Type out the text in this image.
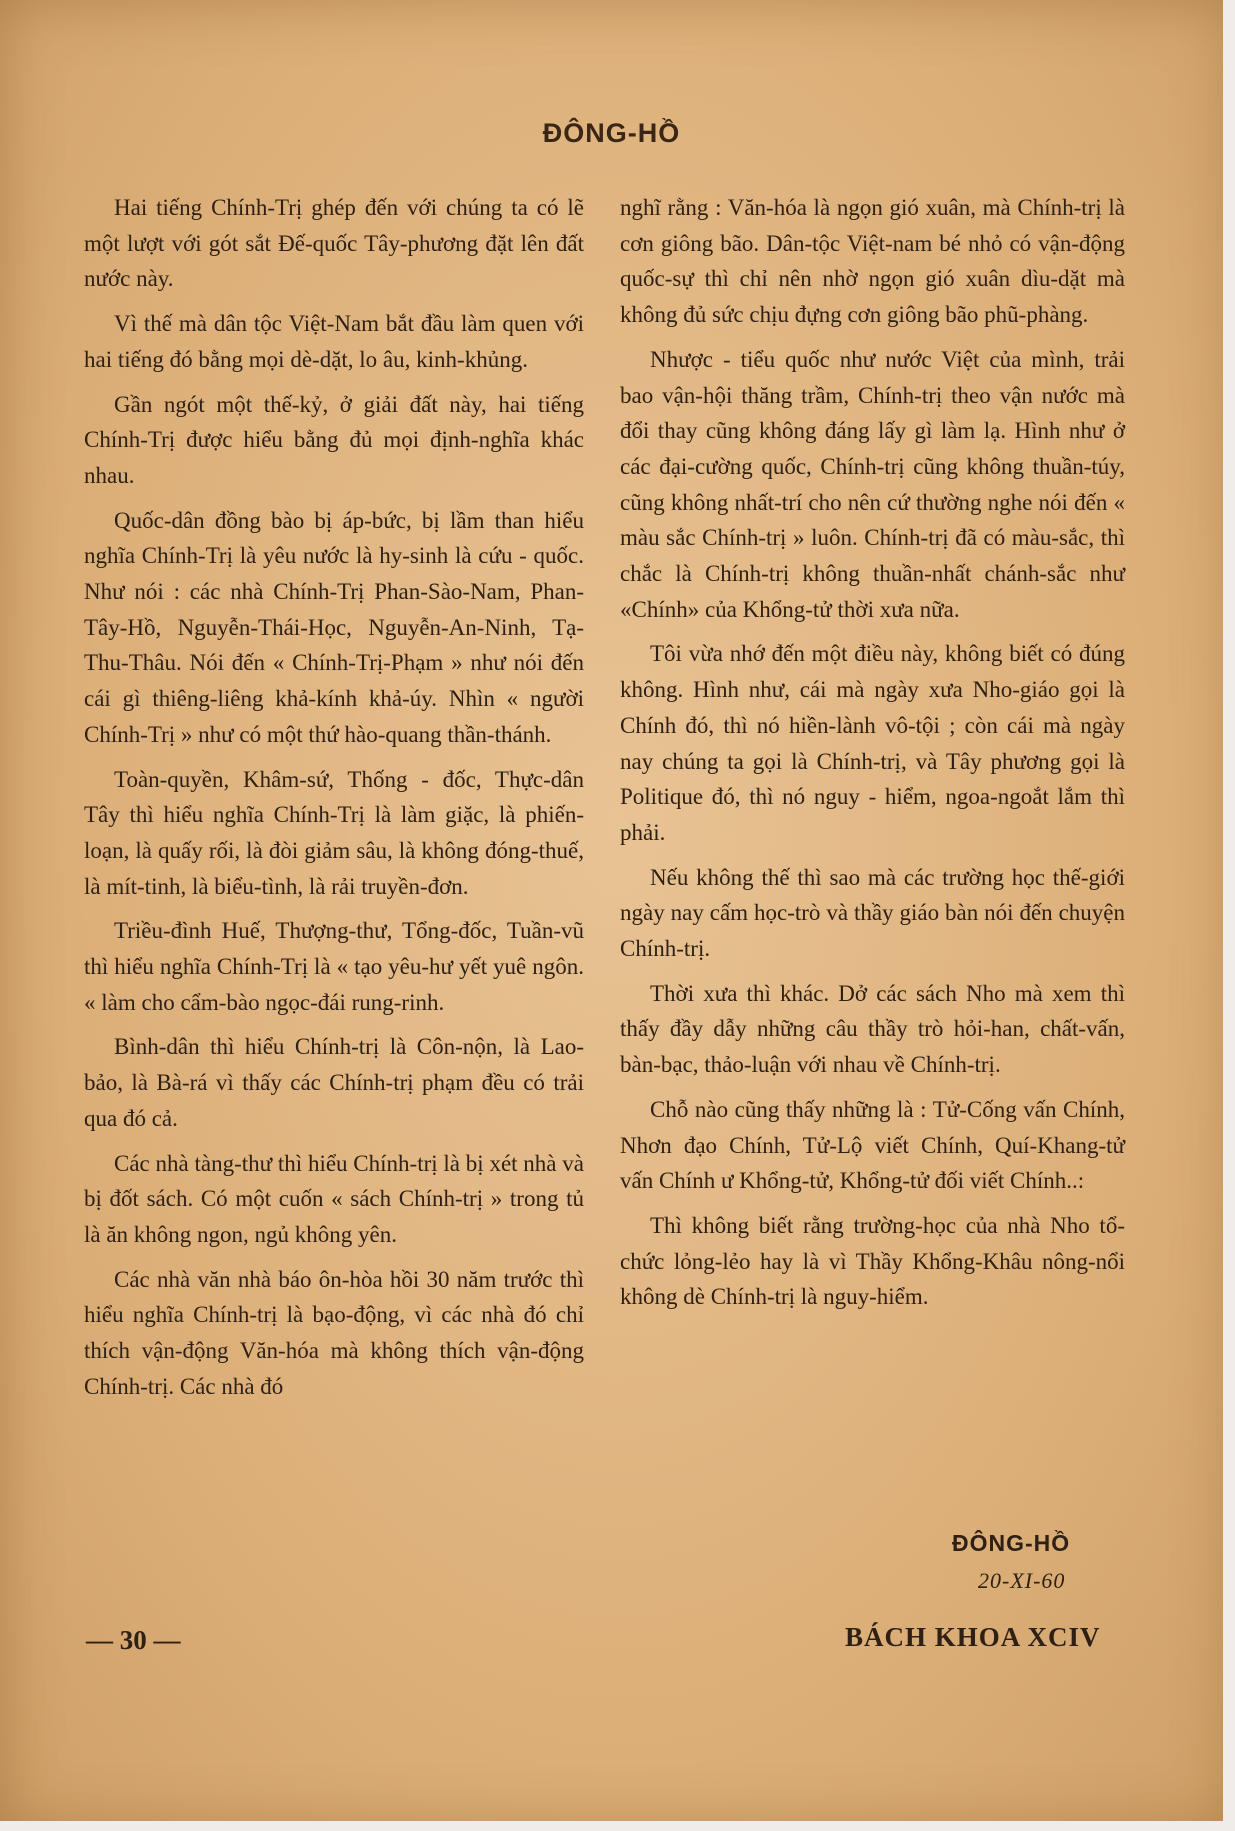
ĐÔNG-HỒ

Hai tiếng Chính-Trị ghép đến với chúng ta có lẽ một lượt với gót sắt Đế-quốc Tây-phương đặt lên đất nước này.

Vì thế mà dân tộc Việt-Nam bắt đầu làm quen với hai tiếng đó bằng mọi dè-dặt, lo âu, kinh-khủng.

Gần ngót một thế-kỷ, ở giải đất này, hai tiếng Chính-Trị được hiểu bằng đủ mọi định-nghĩa khác nhau.

Quốc-dân đồng bào bị áp-bức, bị lầm than hiểu nghĩa Chính-Trị là yêu nước là hy-sinh là cứu - quốc. Như nói : các nhà Chính-Trị Phan-Sào-Nam, Phan-Tây-Hồ, Nguyễn-Thái-Học, Nguyễn-An-Ninh, Tạ-Thu-Thâu. Nói đến « Chính-Trị-Phạm » như nói đến cái gì thiêng-liêng khả-kính khả-úy. Nhìn « người Chính-Trị » như có một thứ hào-quang thần-thánh.

Toàn-quyền, Khâm-sứ, Thống - đốc, Thực-dân Tây thì hiểu nghĩa Chính-Trị là làm giặc, là phiến-loạn, là quấy rối, là đòi giảm sâu, là không đóng-thuế, là mít-tinh, là biểu-tình, là rải truyền-đơn.

Triều-đình Huế, Thượng-thư, Tổng-đốc, Tuần-vũ thì hiểu nghĩa Chính-Trị là « tạo yêu-hư yết yuê ngôn. « làm cho cẩm-bào ngọc-đái rung-rinh.

Bình-dân thì hiểu Chính-trị là Côn-nộn, là Lao-bảo, là Bà-rá vì thấy các Chính-trị phạm đều có trải qua đó cả.

Các nhà tàng-thư thì hiểu Chính-trị là bị xét nhà và bị đốt sách. Có một cuốn « sách Chính-trị » trong tủ là ăn không ngon, ngủ không yên.

Các nhà văn nhà báo ôn-hòa hồi 30 năm trước thì hiểu nghĩa Chính-trị là bạo-động, vì các nhà đó chỉ thích vận-động Văn-hóa mà không thích vận-động Chính-trị. Các nhà đó

nghĩ rằng : Văn-hóa là ngọn gió xuân, mà Chính-trị là cơn giông bão. Dân-tộc Việt-nam bé nhỏ có vận-động quốc-sự thì chỉ nên nhờ ngọn gió xuân dìu-dặt mà không đủ sức chịu đựng cơn giông bão phũ-phàng.

Nhược - tiểu quốc như nước Việt của mình, trải bao vận-hội thăng trầm, Chính-trị theo vận nước mà đổi thay cũng không đáng lấy gì làm lạ. Hình như ở các đại-cường quốc, Chính-trị cũng không thuần-túy, cũng không nhất-trí cho nên cứ thường nghe nói đến « màu sắc Chính-trị » luôn. Chính-trị đã có màu-sắc, thì chắc là Chính-trị không thuần-nhất chánh-sắc như «Chính» của Khổng-tử thời xưa nữa.

Tôi vừa nhớ đến một điều này, không biết có đúng không. Hình như, cái mà ngày xưa Nho-giáo gọi là Chính đó, thì nó hiền-lành vô-tội ; còn cái mà ngày nay chúng ta gọi là Chính-trị, và Tây phương gọi là Politique đó, thì nó nguy - hiểm, ngoa-ngoắt lắm thì phải.

Nếu không thế thì sao mà các trường học thế-giới ngày nay cấm học-trò và thầy giáo bàn nói đến chuyện Chính-trị.

Thời xưa thì khác. Dở các sách Nho mà xem thì thấy đầy dẫy những câu thầy trò hỏi-han, chất-vấn, bàn-bạc, thảo-luận với nhau về Chính-trị.

Chỗ nào cũng thấy những là : Tử-Cống vấn Chính, Nhơn đạo Chính, Tử-Lộ viết Chính, Quí-Khang-tử vấn Chính ư Khổng-tử, Khổng-tử đối viết Chính..:

Thì không biết rằng trường-học của nhà Nho tổ-chức lỏng-lẻo hay là vì Thầy Khổng-Khâu nông-nổi không dè Chính-trị là nguy-hiểm.

ĐÔNG-HỒ
20-XI-60
— 30 —	BÁCH KHOA XCIV
